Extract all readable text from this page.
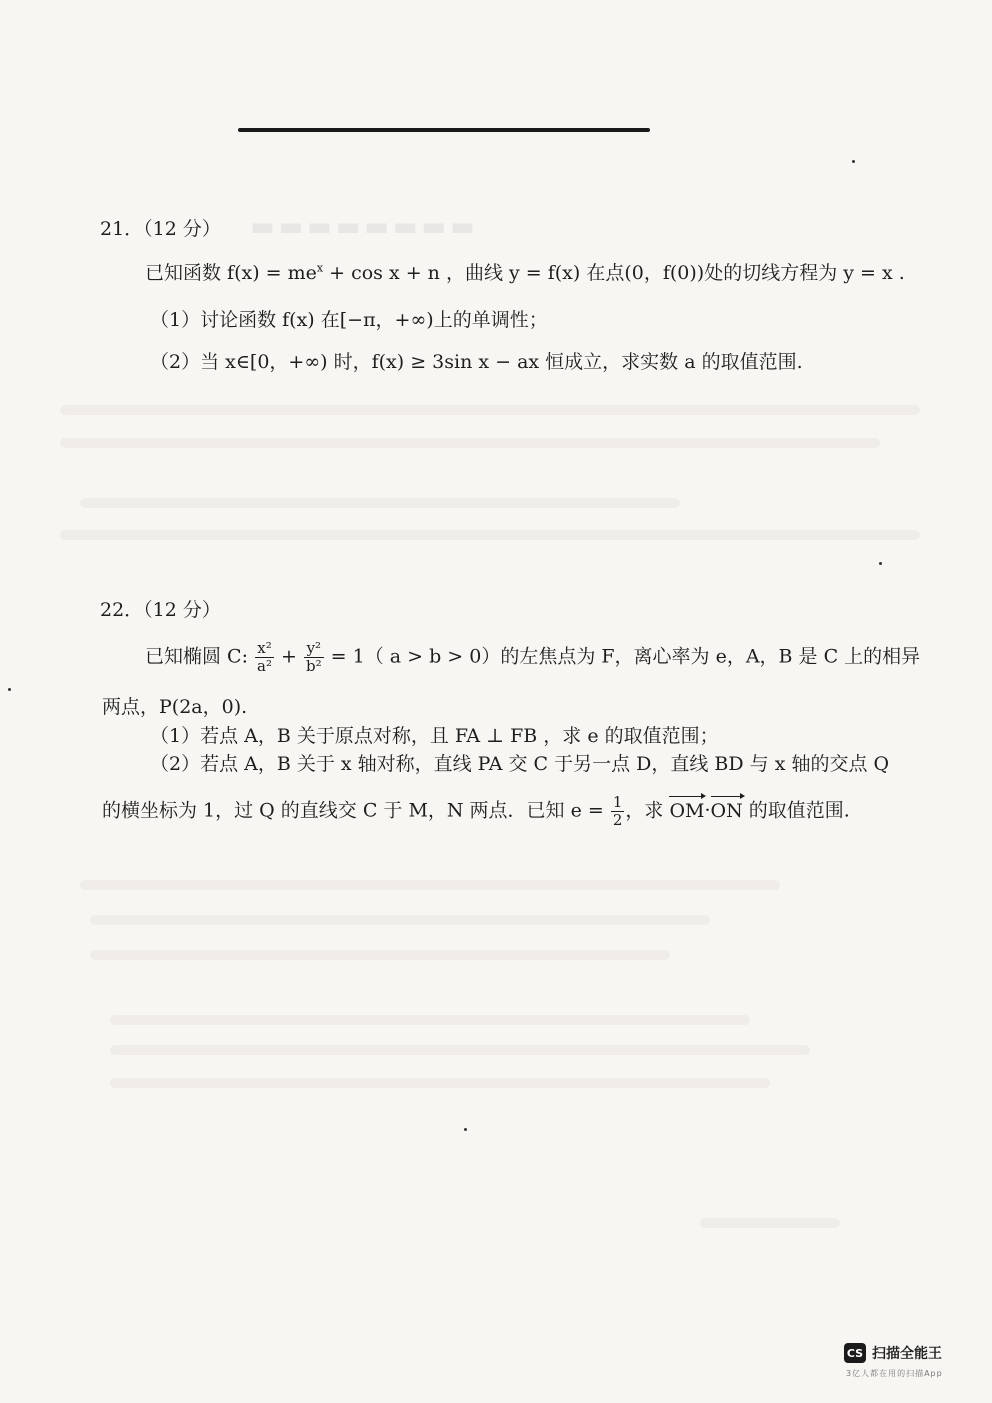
▬▬▬▬▬▬▬▬
21．（12 分）
已知函数 $f(x) = me^x + \cos x + n$ ，曲线 y = f(x) 在点(0，f(0))处的切线方程为 y = x .
（1）讨论函数 f(x) 在[−π，+∞)上的单调性；
（2）当 x∈[0，+∞) 时，f(x) ≥ 3sin x − ax 恒成立，求实数 a 的取值范围.
22．（12 分）
已知椭圆 C: $\frac{\text{x²}}{\text{a²}} + \frac{\text{y²}}{\text{b²}} = 1$（ a > b > 0）的左焦点为 F，离心率为 e，A，B 是 C 上的相异
两点，P(2a，0).
（1）若点 A，B 关于原点对称，且 FA ⊥ FB ，求 e 的取值范围；
（2）若点 A，B 关于 x 轴对称，直线 PA 交 C 于另一点 D，直线 BD 与 x 轴的交点 Q
的横坐标为 1，过 Q 的直线交 C 于 M，N 两点．已知 $e = \frac{1}{2}$ ，求 OM·ON 的取值范围.
CS 扫描全能王
3亿人都在用的扫描App
